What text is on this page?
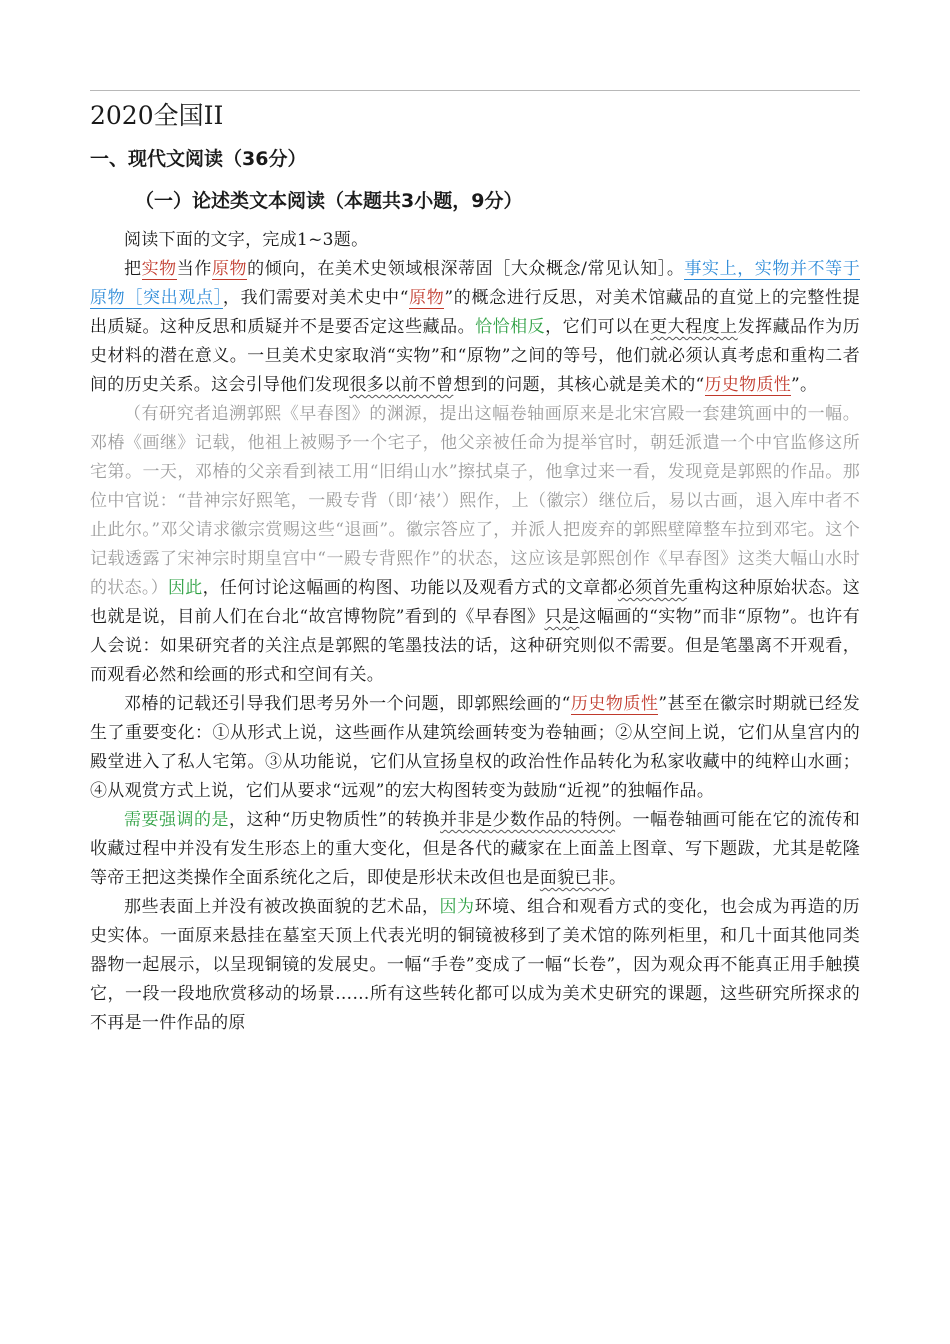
2020全国II
一、现代文阅读（36分）
（一）论述类文本阅读（本题共3小题，9分）

阅读下面的文字，完成1~3题。

把实物当作原物的倾向，在美术史领域根深蒂固［大众概念/常见认知］。事实上，实物并不等于原物［突出观点］，我们需要对美术史中“原物”的概念进行反思，对美术馆藏品的直觉上的完整性提出质疑。这种反思和质疑并不是要否定这些藏品。恰恰相反，它们可以在更大程度上发挥藏品作为历史材料的潜在意义。一旦美术史家取消“实物”和“原物”之间的等号，他们就必须认真考虑和重构二者间的历史关系。这会引导他们发现很多以前不曾想到的问题，其核心就是美术的“历史物质性”。

（有研究者追溯郭熙《早春图》的渊源，提出这幅卷轴画原来是北宋宫殿一套建筑画中的一幅。邓椿《画继》记载，他祖上被赐予一个宅子，他父亲被任命为提举官时，朝廷派遣一个中官监修这所宅第。一天，邓椿的父亲看到裱工用“旧绢山水”擦拭桌子，他拿过来一看，发现竟是郭熙的作品。那位中官说：“昔神宗好熙笔，一殿专背（即‘裱’）熙作，上（徽宗）继位后，易以古画，退入库中者不止此尔。”邓父请求徽宗赏赐这些“退画”。徽宗答应了，并派人把废弃的郭熙壁障整车拉到邓宅。这个记载透露了宋神宗时期皇宫中“一殿专背熙作”的状态，这应该是郭熙创作《早春图》这类大幅山水时的状态。）因此，任何讨论这幅画的构图、功能以及观看方式的文章都必须首先重构这种原始状态。这也就是说，目前人们在台北“故宫博物院”看到的《早春图》只是这幅画的“实物”而非“原物”。也许有人会说：如果研究者的关注点是郭熙的笔墨技法的话，这种研究则似不需要。但是笔墨离不开观看，而观看必然和绘画的形式和空间有关。

邓椿的记载还引导我们思考另外一个问题，即郭熙绘画的“历史物质性”甚至在徽宗时期就已经发生了重要变化：①从形式上说，这些画作从建筑绘画转变为卷轴画；②从空间上说，它们从皇宫内的殿堂进入了私人宅第。③从功能说，它们从宣扬皇权的政治性作品转化为私家收藏中的纯粹山水画；④从观赏方式上说，它们从要求“远观”的宏大构图转变为鼓励“近视”的独幅作品。

需要强调的是，这种“历史物质性”的转换并非是少数作品的特例。一幅卷轴画可能在它的流传和收藏过程中并没有发生形态上的重大变化，但是各代的藏家在上面盖上图章、写下题跋，尤其是乾隆等帝王把这类操作全面系统化之后，即使是形状未改但也是面貌已非。

那些表面上并没有被改换面貌的艺术品，因为环境、组合和观看方式的变化，也会成为再造的历史实体。一面原来悬挂在墓室天顶上代表光明的铜镜被移到了美术馆的陈列柜里，和几十面其他同类器物一起展示，以呈现铜镜的发展史。一幅“手卷”变成了一幅“长卷”，因为观众再不能真正用手触摸它，一段一段地欣赏移动的场景……所有这些转化都可以成为美术史研究的课题，这些研究所探求的不再是一件作品的原
